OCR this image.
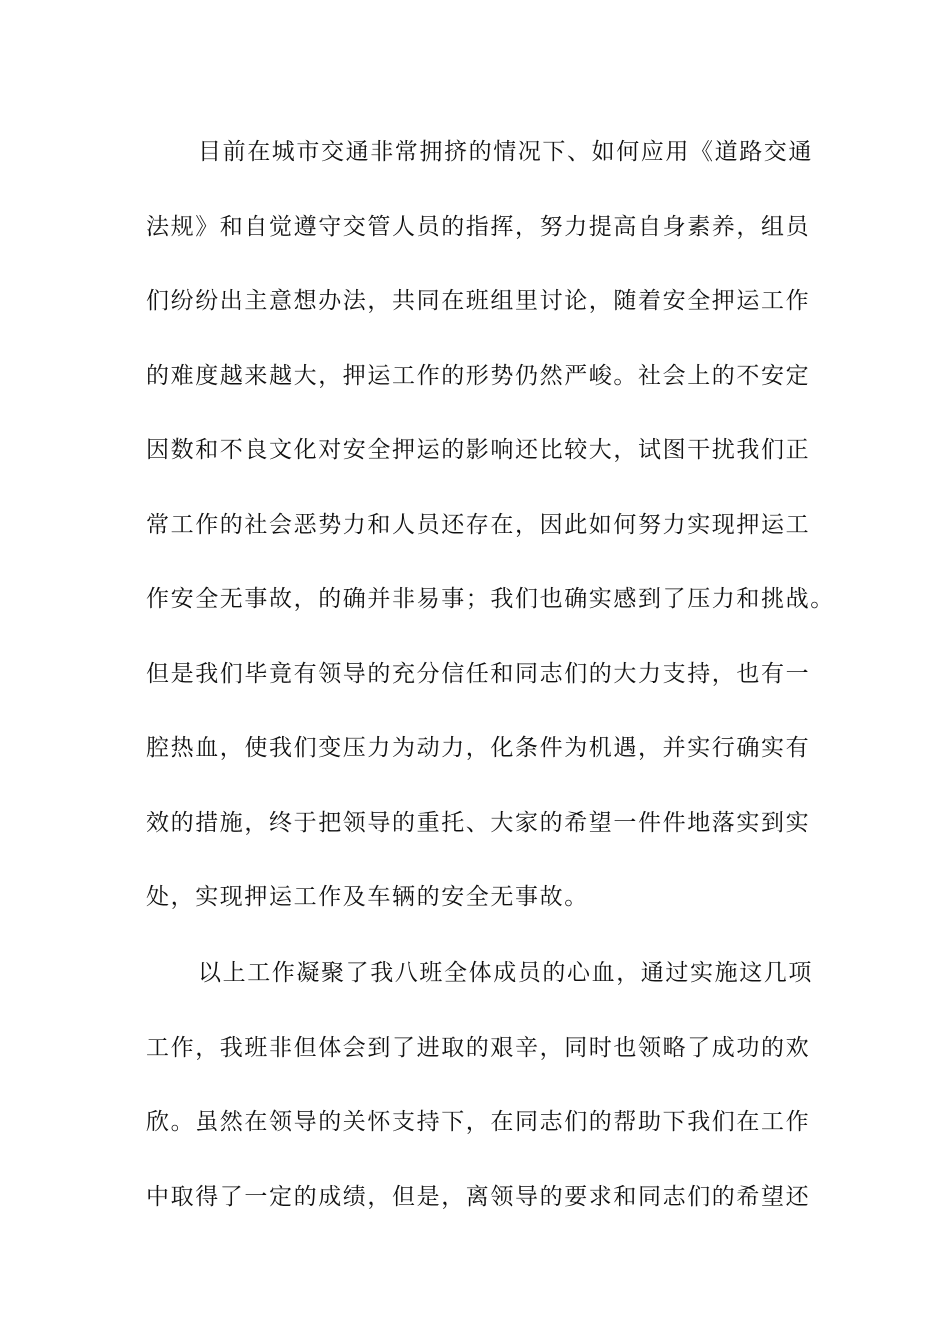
目前在城市交通非常拥挤的情况下、如何应用《道路交通
法规》和自觉遵守交管人员的指挥，努力提高自身素养，组员
们纷纷出主意想办法，共同在班组里讨论，随着安全押运工作
的难度越来越大，押运工作的形势仍然严峻。社会上的不安定
因数和不良文化对安全押运的影响还比较大，试图干扰我们正
常工作的社会恶势力和人员还存在，因此如何努力实现押运工
作安全无事故，的确并非易事；我们也确实感到了压力和挑战。
但是我们毕竟有领导的充分信任和同志们的大力支持，也有一
腔热血，使我们变压力为动力，化条件为机遇，并实行确实有
效的措施，终于把领导的重托、大家的希望一件件地落实到实
处，实现押运工作及车辆的安全无事故。
以上工作凝聚了我八班全体成员的心血，通过实施这几项
工作，我班非但体会到了进取的艰辛，同时也领略了成功的欢
欣。虽然在领导的关怀支持下，在同志们的帮助下我们在工作
中取得了一定的成绩，但是，离领导的要求和同志们的希望还
